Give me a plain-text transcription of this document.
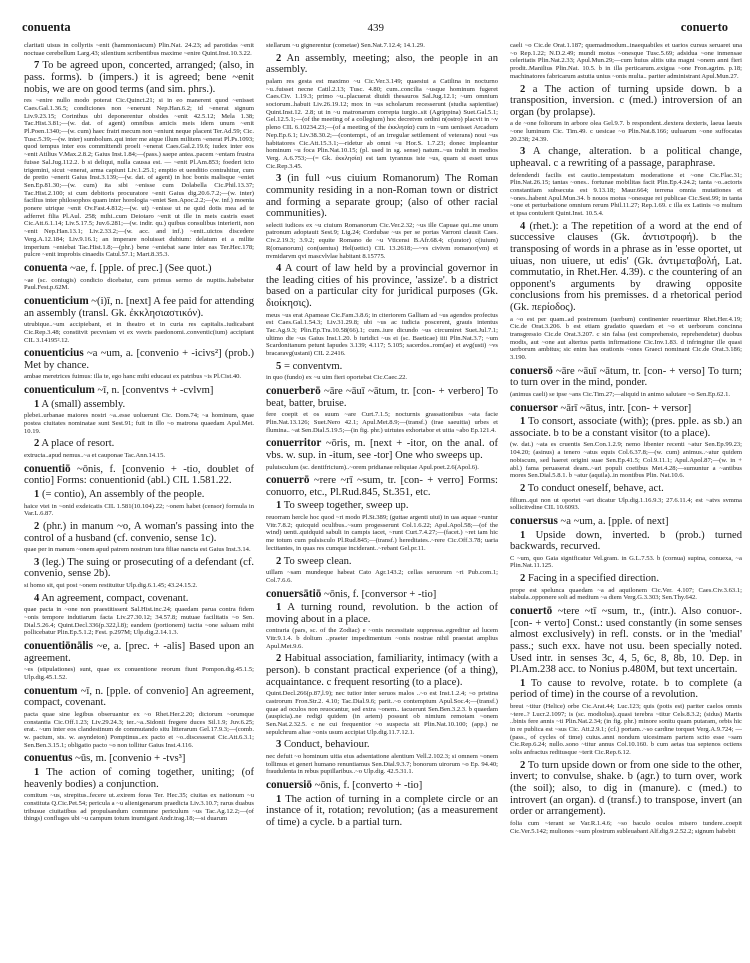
conuenta	439	conuerto
claritati uisus in collyriis ~enit (hammoniacum) Plin.Nat. 24.23; ad parotidas ~enit noctuae cerebellum Larg.43; silentium scribentibus maxime ~enire Quint.Inst.10.3.22.
7 To be agreed upon, concerted, arranged; (also, in pass. forms). b (impers.) it is agreed; bene ~enit nobis, we are on good terms (and sim. phrs.).
res ~enire nullo modo poterat Cic.Quinct.21; si in eo manerent quod ~enisset Caes.Gal.1.36.5; condiciones non ~enerunt Nep.Han.6.2; id ~enerat signum Liv.9.23.15; Corinthus ubi deponerentur obsides ~enit 42.5.12; Mela 1.38; Tac.Hist.3.81;—(w. dat. of agent) omnibus amicis meis idem unum ~enit Pl.Poen.1340;—(w. cum) haec fratri mecum non ~eniunt neque placent Ter.Ad.59; Cic. Tusc.5.39;—(w. inter) sumbolum..qui inter me atque illum militem ~enerat Pl.Ps.1093; quod tempus inter eos committendi proeli ~enerat Caes.Gal.2.19.6; iudex inter eos ~enit Atilius V.Max.2.8.2; Gaius Inst.1.84;—(pass.) saepe antea..pacem ~entam frustra fuisse Sal.Jug.112.2. b si deliqui, nulla caussa est. — ~enit Pl.Am.853; foederi icto trigemini, sicut ~enerat, arma capiunt Liv.1.25.1; emptio et uenditio contrahitur, cum de pretio ~enerit Gaius Inst.3.139;—(w. dat. of agent) in hoc bonis malisque ~eniet Sen.Ep.81.30;—(w. cum) ita sibi ~enisse cum Dolabella Cic.Phil.13.37; Tac.Hist.2.100; si cum debitoris procuratore ~enit Gaius dig.20.6.7.2;—(w. inter) facilius inter philosophos quam inter horologia ~eniet Sen.Apoc.2.2;—(w. inf.) moenia ponere utrique ~enit Ov.Fast.4.812;—(w. ut) ~enisse ut ne quid dotis mea ad te adferret filia Pl.Aul. 258; mihi..cum Deiotaro ~enit ut ille in meis castris esset Cic.Att.6.1.14; Liv.5.17.5; Juv.6.281;—(w. indir. qu.) quibus consulibus interierit, non ~enit Nep.Han.13.1; Liv.2.33.2;—(w. acc. and inf.) ~enit..uictos discedere Verg.A.12.184; Liv.9.16.1; an imperare noluisset dubium: delatum ei a milite imperium ~eniebat Tac.Hist.1.8;—(phr.) bene ~eniebat sane inter eas Ter.Hec.178; pulcre ~enit improbis cinaedis Catul.57.1; Mart.8.35.3.
conuenta ~ae, f. [pple. of prec.] (See quot.)
~ae (sc. coniugis) condicio dicebatur, cum primus sermo de nuptiis..habebatur Paul.Fest.p.62M.
conuenticium ~(i)ī, n. [next] A fee paid for attending an assembly (transl. Gk. ἐκκλησιαστικόν).
utrubique..~um accipiebant, et in theatro et in curia res capitalis..iudicabant Cic.Rep.3.48; constitvit pecvniam vt ex vsvris paedonomi..conventic(ium) accipiant CIL 3.14195².12.
conuenticius ~a ~um, a. [convenio + -icivs²] (prob.) Met by chance.
ambae meretrices fuimus: illa te, ego hanc mihi educaui ex patribus ~is Pl.Cist.40.
conuenticulum ~ī, n. [conventvs + -cvlvm]
1 A (small) assembly.
plebei..urbanae maiores nostri ~a..esse uoluerunt Cic. Dom.74; ~a hominum, quae postea ciuitates nominatae sunt Sest.91; fuit in illo ~o matrona quaedam Apul.Met. 10.19.
2 A place of resort.
extructa..apud nemus..~a et cauponae Tac.Ann.14.15.
conuentiō ~ōnis, f. [convenio + -tio, doublet of contio] Forms: conuentionid (abl.) CIL 1.581.22.
1 (= contio), An assembly of the people.
haice vtei in ~onid exdeicatis CIL 1.581(10.104).22; ~onem habet (censor) formula in Var.L.6.87.
2 (phr.) in manum ~o, A woman's passing into the control of a husband (cf. convenio, sense 1c).
quae per in manum ~onem apud patrem nostrum iura filiae nancta est Gaius Inst.3.14.
3 (leg.) The suing or prosecuting of a defendant (cf. convenio, sense 2b).
si homo sit, qui post ~onem restituitur Ulp.dig.6.1.45; 43.24.15.2.
4 An agreement, compact, covenant.
quae pacta in ~one non praestitissent Sal.Hist.inc.24; quaedam parua contra fidem ~onis tempore indutiarum facta Liv.27.30.12; 34.57.8; mutuae facilitatis ~o Sen. Dial.5.26.4; Quint.Decl.336(p.322,l.8); eandem (portionem) tacita ~one saluam mihi pollicebatur Plin.Ep.5.1.2; Fest. p.297M; Ulp.dig.2.14.1.3.
conuentiōnālis ~e, a. [prec. + -alis] Based upon an agreement.
~es (stipulationes) sunt, quae ex conuentione reorum fiunt Pompon.dig.45.1.5; Ulp.dig.45.1.52.
conuentum ~ī, n. [pple. of convenio] An agreement, compact, covenant.
pacta quae sine legibus obseruantur ex ~o Rhet.Her.2.20; dictorum ~orumque constantia Cic.Off.1.23; Liv.29.24.3; ter..~a..Sidonii fregere duces Sil.1.9; Juv.6.25; erat.. ~um inter eos clandestinum de commutando situ litterarum Gel.17.9.3;—(comb. w. pactum, sts. w. asyndeton) Pomptinus..ex pacto et ~o..discesserat Cic.Att.6.3.1; Sen.Ben.3.15.1; obligatio pacto ~o non tollitur Gaius Inst.4.116.
conuentus ~ūs, m. [convenio + -tvs³]
1 The action of coming together, uniting; (of heavenly bodies) a conjunction.
comitum ~us, strepitus..fecere ut..exirem foras Ter. Hec.35; ciuitas ex nationum ~u constituta Q.Cic.Pet.54; pericula a ~u alienigenarum praedicta Liv.3.10.7; rarus duabus tribusue ciuitatibus ad propulsandum commune periculum ~us Tac.Ag.12.2;—(of things) confluges ubi ~u campum totum inumigant Andr.trag.18;—si duarum
stellarum ~u gignerentur (cometae) Sen.Nat.7.12.4; 14.1.29.
2 An assembly, meeting; also, the people in an assembly.
palam res gesta est maximo ~u Cic.Ver.3.149; quaesiui a Catilina in nocturno ~u..fuisset necne Catil.2.13; Tusc. 4.80; cum..concilia ~usque hominum fugeret Caes.Civ. 1.19.3; primo ~u..placuerat diuidi thesauros Sal.Jug.12.1; ~um omnium sociorum..habuit Liv.26.19.12; mox in ~us scholarum recesserunt (studia sapientiae) Quint.Inst.12. 2.8; ut in ~u matronarum correpta iurgio..sit (Agrippina) Suet.Gal.5.1; Gel.12.5.1;—(of the meeting of a collegium) hoc decretvm ordini n(ostro) placvit in ~v pleno CIL 6.10234.23;—(of a meeting of the ἐκκλησία) cum in ~um uenisset Arcadum Nep.Ep.6.1; Liv.38.30.2;—(contempt., of an irregular settlement of veterans) noui ~us habitatores Cic.Att.15.3.1;—ridetur ab omni ~u Hor.S. 1.7.23; donec impleantur hominum ~u foca Plin.Nat.10.15; (pl. used in sg. sense) natum..~us trahit in medios Verg. A.6.753;—(= Gk. ἐκκλησία) est tam tyrannus iste ~us, quam si esset unus Cic.Rep.3.45.
3 (in full ~us ciuium Romanorum) The Roman community residing in a non-Roman town or district and forming a separate group; (also of other racial communities).
selecti iudices ex ~u ciuium Romanorum Cic.Ver.2.32; ~us ille Capuae qui..me unum patronum adoptauit Sest.9; Lig.24; Cordubae ~us per se portas Varroni clausit Caes. Civ.2.19.3; 3.9.2; equite Romano de ~u Vticensi B.Afr.68.4; c(urator) c(iuium) R(omanorum) con(uentus) Hel(uetici) CIL 13.2618;—~vs civivm romanor(vm) et nvmidarvm qvi mascvlvlae habitant 8.15775.
4 A court of law held by a provincial governor in the leading cities of his province, 'assize'. b a district based on a particular city for juridical purposes (Gk. διοίκησις).
meus ~us erat Apameae Cic.Fam.3.8.6; in citeriorem Galliam ad ~us agendos profectus est Caes.Gal.1.54.3; Liv.31.29.8; ubi ~us ac iudicia poscerent, grauis intentus Tac.Ag.9.3; Plin.Ep.Tra.10.58(66).1; cum..iure dicundo ~us circumiret Suet.Jul.7.1; ultimo die ~us Gaius Inst.1.20. b iuridici ~us ei (sc. Baeticae) iiii Plin.Nat.3.7; ~um Scardonitanum petunt Iapudes 3.139; 4.117; 5.105; sacerdos..rom(ae) et avg(usti) ~vs bracaravg(ustani) CIL 2.2416.
5 = conventvm.
in quo (fundo) ex ~u uim fieri oportebat Cic.Caec.22.
conuerberō ~āre ~āuī ~ātum, tr. [con- + verbero] To beat, batter, bruise.
fere coepit et os suum ~are Curt.7.1.5; nocturnis grassationibus ~ata facie Plin.Nat.13.126; Suet.Nero 42.1; Apul.Met.8.9;—(transf.) (irae saeuitia) urbes et flumina.. ~at Sen.Dial.5.19.5;—(in fig. phr.) uirtutes exhortabor et uitia ~abo Ep.121.4.
conuerritor ~ōris, m. [next + -itor, on the anal. of vbs. w. sup. in -itum, see -tor] One who sweeps up.
puluisculum (sc. dentifricium)..~orem pridianae reliquiae Apul.poet.2.6(Apol.6).
conuerrō ~rere ~rī ~sum, tr. [con- + verro] Forms: conuorro, etc., Pl.Rud.845, St.351, etc.
1 To sweep together, sweep up.
reuorram hercle hoc quod ~ri modo Pl.St.389; (guttae argenti uiui) in uas aquae ~runtur Vitr.7.8.2; quicquid oculibus..~sum progesserunt Col.1.6.22; Apul.Apol.58;—(of the wind) uenti..quidquid sabuli in campis iacet, ~runt Curt.7.4.27;—(facet.) ~ret iam hic me totum cum pulsisculo Pl.Rud.845;—(transf.) hereditates..~rere Cic.Off.3.78; uaria lectitantes, in quas res cumque inciderant..~rebant Gel.pr.11.
2 To sweep clean.
uillam ~sam mundeque habeat Cato Agr.143.2; cellas seruorum ~ri Pub.com.1; Col.7.6.6.
conuersātiō ~ōnis, f. [conversor + -tio]
1 A turning round, revolution. b the action of moving about in a place.
contraria (pars, sc. of the Zodiac) e ~onis necessitate suppressa..egreditur ad lucem Vitr.9.1.4. b dolium ..praeter impedimentum ~onis nostrae nihil praestat amplius Apul.Met.9.6.
2 Habitual association, familiarity, intimacy (with a person). b constant practical experience (of a thing), acquaintance. c frequent resorting (to a place).
Quint.Decl.266(p.87,l.9); nec tutior inter seruos malos ..~o est Inst.1.2.4; ~o pristina castrorum Fron.Str.2. 4.10; Tac.Dial.9.6; parit..~o contemptum Apul.Soc.4;—(transf.) quae ad oculos non reuocantur, sed extra ~onem.. iacuerunt Sen.Ben.3.2.3. b quaedam (auspicia)..ne redigi quidem (in artem) possunt ob nimium remotam ~onem Sen.Nat.2.32.5. c ne cui frequentior ~o suspecta sit Plin.Nat.10.100; (app.) ne sepulchrum aliae ~onis usum accipiat Ulp.dig.11.7.12.1.
3 Conduct, behaviour.
nec defuit ~o hominum uitia eius adsentatione alentium Vell.2.102.3; si omnem ~onem tollimus et generi humano renuntiamus Sen.Dial.9.3.7; bonorum uirorum ~o Ep. 94.40; fraudulenta in rebus pupillaribus..~o Ulp.dig. 42.5.31.1.
conuersiō ~ōnis, f. [converto + -tio]
1 The action of turning in a complete circle or an instance of it, rotation; revolution; (as a measurement of time) a cycle. b a partial turn.
caeli ~o Cic.de Orat.1.187; quemadmodum..inaequabiles et uarios cursus seruaret una ~o Rep.1.22; N.D.2.49; mundi motus ~onesque Tusc.5.69; adsidua ~one inmensae celeritatis Plin.Nat.2.33; Apul.Mun.29;—cum huius alitis uita magni ~onem anni fieri prodit..Manilius Plin.Nat. 10.5. b in illa perticarum..exigua ~one Fron.agrim. p.18; machinatores fabricarum astutia unius ~onis multa.. pariter administrant Apul.Mun.27.
2 a The action of turning upside down. b a transposition, inversion. c (med.) introversion of an organ (by prolapse).
a de ~one foliorum in arbore olea Gel.9.7. b respondent..dextera dexteris, laeua laeuis ~one luminum Cic. Tim.49. c uesicae ~o Plin.Nat.8.166; uuluarum ~one suffocatas 20.238; 24.39.
3 A change, alteration. b a political change, upheaval. c a rewriting of a passage, paraphrase.
defendendi facilis est cautio..tempestatum moderatione et ~one Cic.Flac.31; Plin.Nat.26.15; tantas ~ones.. fortunae mobilitas facit Plin.Ep.4.24.2; tanta ~o..actoris constantiam subsecuta est 9.13.18; Maur.664; terrena omnia mutationes et ~ones..habent Apul.Mun.34. b nouos motus ~onesque rei publicae Cic.Sest.99; in tanta ~one et perturbatione omnium rerum Phil.11.27; Rep.1.69. c illa ex Latinis ~o multum et ipsa contulerit Quint.Inst. 10.5.4.
4 (rhet.): a The repetition of a word at the end of successive clauses (Gk. ἀντιστροφή). b the transposing of words in a phrase as in 'esse oportet, ut uiuas, non uiuere, ut edis' (Gk. ἀντιμεταβολή, Lat. commutatio, in Rhet.Her. 4.39). c the countering of an opponent's arguments by drawing opposite conclusions from his premisses. d a rhetorical period (Gk. περίοδος).
a ~o est per quam..ad postremum (uerbum) continenter reuertimur Rhet.Her.4.19; Cic.de Orat.3.206. b est etiam gradatio quaedam et ~o et uerborum concinna transgressio Cic.de Orat.3.207. c sin falsa (est comprehensio, reprehendetur) duobus modis, aut ~one aut alterius partis infirmatione Cic.Inv.1.83. d infringitur ille quasi uerborum ambitus; sic enim has orationis ~ones Graeci nominant Cic.de Orat.3.186; 3.190.
conuersō ~āre ~āuī ~ātum, tr. [con- + verso] To turn; to turn over in the mind, ponder.
(animus caeli) se ipse ~ans Cic.Tim.27;—aliquid in animo salutare ~o Sen.Ep.62.1.
conuersor ~ārī ~ātus, intr. [con- + versor]
1 To consort, associate (with); (pres. pple. as sb.) an associate. b to be a constant visitor (to a place).
(w. dat.) ~ata es cruentis Sen.Con.1.2.9; nemo libenter recenti ~atur Sen.Ep.99.23; 104.20; (asinus) a tenero ~atus equis Col.6.37.8;—(w. cum) animus..~atur quidem nobiscum, sed haeret origini suae Sen.Ep.41.5; Col.9.11.1; Apul.Apol.87;—(w. in + abl.) fama peruaserat deam..~ari populi coetibus Met.4.28;—sumuntur a ~antibus mores Sen.Dial.5.8.1. b ~atur (aquila)..in montibus Plin. Nat.10.6.
2 To conduct oneself, behave, act.
filium..qui non ut oportet ~ari dicatur Ulp.dig.1.16.9.3; 27.6.11.4; est ~atvs svmma sollicitvdine CIL 10.6093.
conuersus ~a ~um, a. [pple. of next]
1 Upside down, inverted. b (prob.) turned backwards, recurved.
C ~um, quo Gaia significatur Vel.gram. in G.L.7.53. b (cornua) supina, conuexa, ~a Plin.Nat.11.125.
2 Facing in a specified direction.
prope est spelunca quaedam ~a ad aquilonem Cic.Ver. 4.107; Caes.Civ.3.63.1; stabula..opponere soli ad medium ~a diem Verg.G.3.303; Sen.Thy.642.
conuertō ~tere ~tī ~sum, tr., (intr.). Also conuor-. [con- + verto] Const.: used constantly (in some senses almost exclusively) in refl. consts. or in the 'medial' pass.; such exx. have not usu. been specially noted. Used intr. in senses 3c, 4, 5, 6c, 8, 8b, 10. Dep. in Pl.Am.238 acc. to Nonius p.480M, but text uncertain.
1 To cause to revolve, rotate. b to complete (a period of time) in the course of a revolution.
breui ~titur (Helice) orbe Cic.Arat.44; Luc.123; quis (potis est) pariter caelos omnis ~tere..? Lucr.2.1097; is (sc. modiolus)..quasi terebra ~titur Cels.8.3.2; (sidus) Martis ..binis fere annis ~ti Plin.Nat.2.34; (in fig. phr.) minore sonitu quam putaram, orbis hic in re publica est ~sus Cic. Att.2.9.1; (cf.) portam..~so cardine torquet Verg.A.9.724; —(pass., of cycles of time) cuius..anni nondum uicesimam partem scito esse ~sam Cic.Rep.6.24; nullo..sono ~titur annus Col.10.160. b cum aetas tua septenos octiens solis anfractus reditusque ~terit Cic.Rep.6.12.
2 To turn upside down or from one side to the other, invert; to convulse, shake. b (agr.) to turn over, work (the soil); also, to dig in (manure). c (med.) to introvert (an organ). d (transf.) to transpose, invert (an order or arrangement).
folia cum ~terant se Var.R.1.4.6; ~so baculo oculos misero tundere..coepit Cic.Ver.5.142; muliones ~sum plostrum subleuabant Alf.dig.9.2.52.2; signum habebit
